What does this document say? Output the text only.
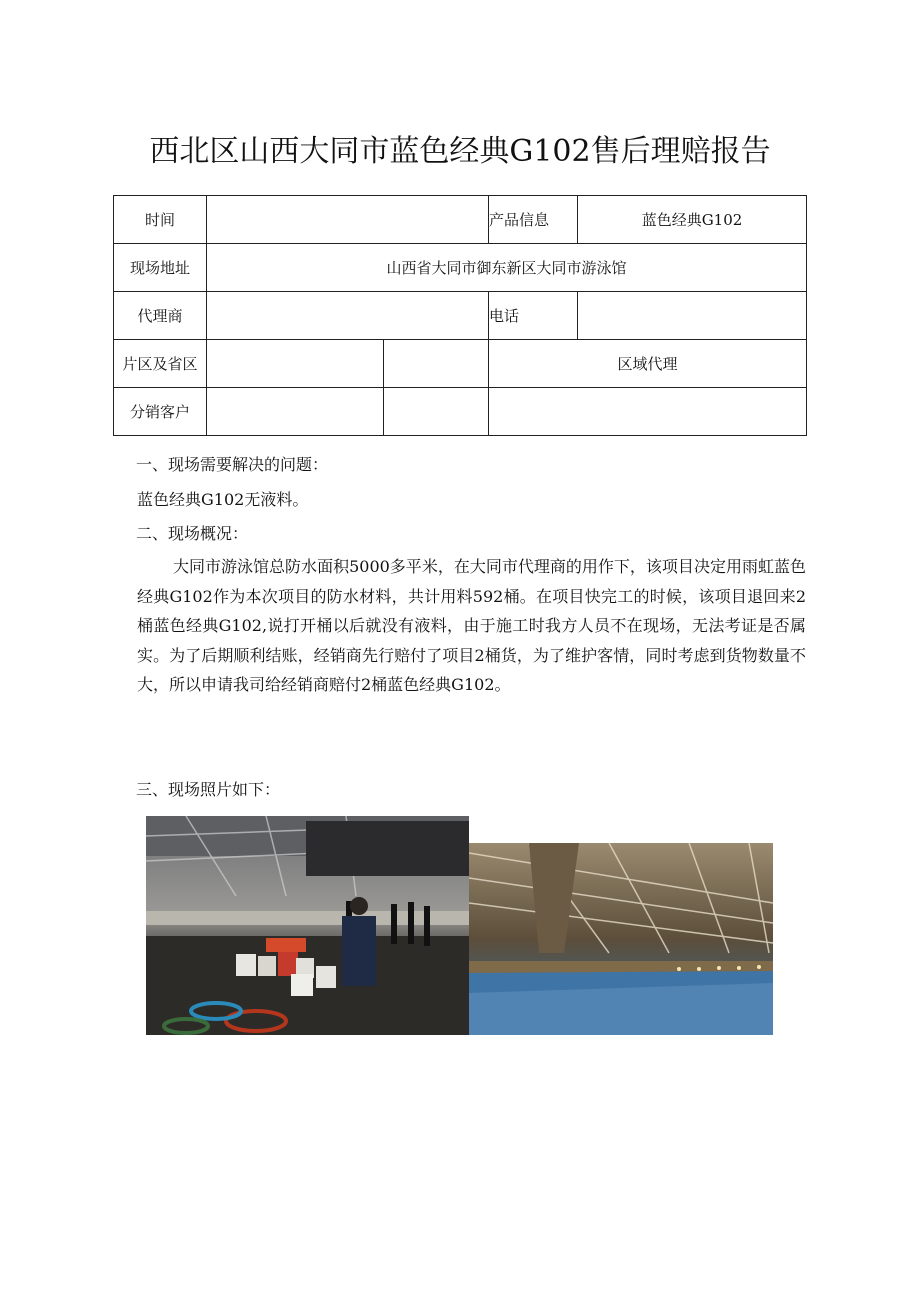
西北区山西大同市蓝色经典G102售后理赔报告
时间			产品信息	蓝色经典G102
现场地址	山西省大同市御东新区大同市游泳馆			
代理商			电话	
片区及省区			区域代理	
分销客户				
一、现场需要解决的问题：
蓝色经典G102无液料。
二、现场概况：
大同市游泳馆总防水面积5000多平米，在大同市代理商的用作下，该项目决定用雨虹蓝色经典G102作为本次项目的防水材料，共计用料592桶。在项目快完工的时候，该项目退回来2桶蓝色经典G102,说打开桶以后就没有液料，由于施工时我方人员不在现场，无法考证是否属实。为了后期顺利结账，经销商先行赔付了项目2桶货，为了维护客情，同时考虑到货物数量不大，所以申请我司给经销商赔付2桶蓝色经典G102。
三、现场照片如下：
